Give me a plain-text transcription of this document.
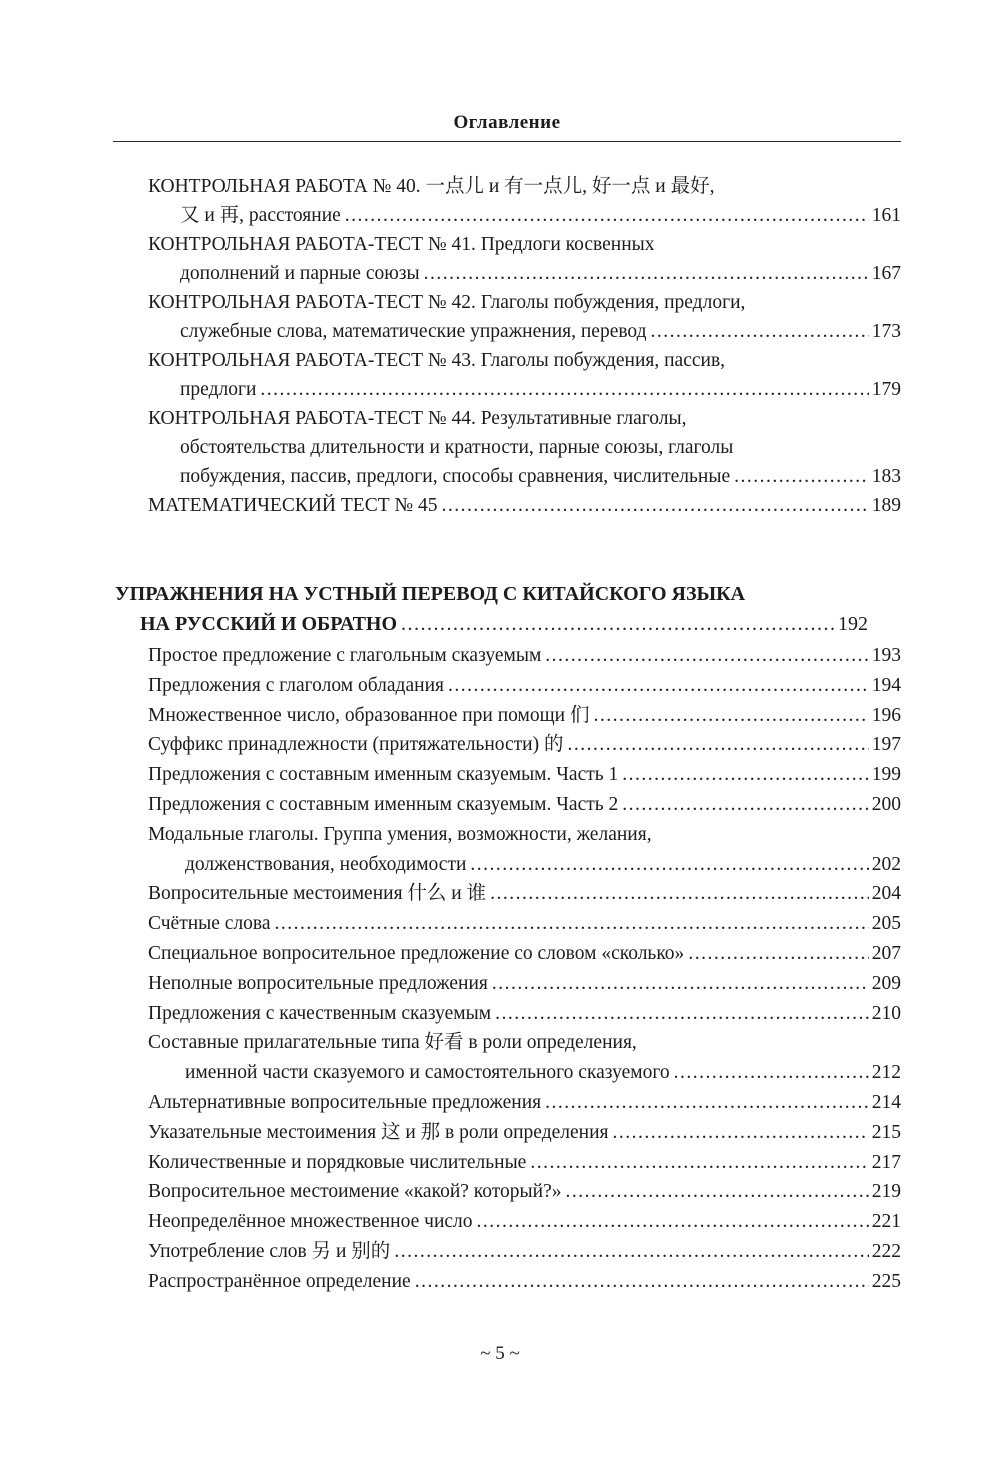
Оглавление
КОНТРОЛЬНАЯ РАБОТА № 40. 一点儿 и 有一点儿, 好一点 и 最好,
又 и 再, расстояние .....	161
КОНТРОЛЬНАЯ РАБОТА-ТЕСТ № 41. Предлоги косвенных
дополнений и парные союзы .....	167
КОНТРОЛЬНАЯ РАБОТА-ТЕСТ № 42. Глаголы побуждения, предлоги,
служебные слова, математические упражнения, перевод .....	173
КОНТРОЛЬНАЯ РАБОТА-ТЕСТ № 43. Глаголы побуждения, пассив,
предлоги .....	179
КОНТРОЛЬНАЯ РАБОТА-ТЕСТ № 44. Результативные глаголы,
обстоятельства длительности и кратности, парные союзы, глаголы
побуждения, пассив, предлоги, способы сравнения, числительные .....	183
МАТЕМАТИЧЕСКИЙ ТЕСТ № 45 .....	189
УПРАЖНЕНИЯ НА УСТНЫЙ ПЕРЕВОД С КИТАЙСКОГО ЯЗЫКА
НА РУССКИЙ И ОБРАТНО .....	192
Простое предложение с глагольным сказуемым .....	193
Предложения с глаголом обладания .....	194
Множественное число, образованное при помощи 们 .....	196
Суффикс принадлежности (притяжательности) 的 .....	197
Предложения с составным именным сказуемым. Часть 1 .....	199
Предложения с составным именным сказуемым. Часть 2 .....	200
Модальные глаголы. Группа умения, возможности, желания,
долженствования, необходимости .....	202
Вопросительные местоимения 什么 и 谁 .....	204
Счётные слова .....	205
Специальное вопросительное предложение со словом «сколько» .....	207
Неполные вопросительные предложения .....	209
Предложения с качественным сказуемым .....	210
Составные прилагательные типа 好看 в роли определения,
именной части сказуемого и самостоятельного сказуемого .....	212
Альтернативные вопросительные предложения .....	214
Указательные местоимения 这 и 那 в роли определения .....	215
Количественные и порядковые числительные .....	217
Вопросительное местоимение «какой? который?» .....	219
Неопределённое множественное число .....	221
Употребление слов 另 и 别的 .....	222
Распространённое определение .....	225
~ 5 ~
